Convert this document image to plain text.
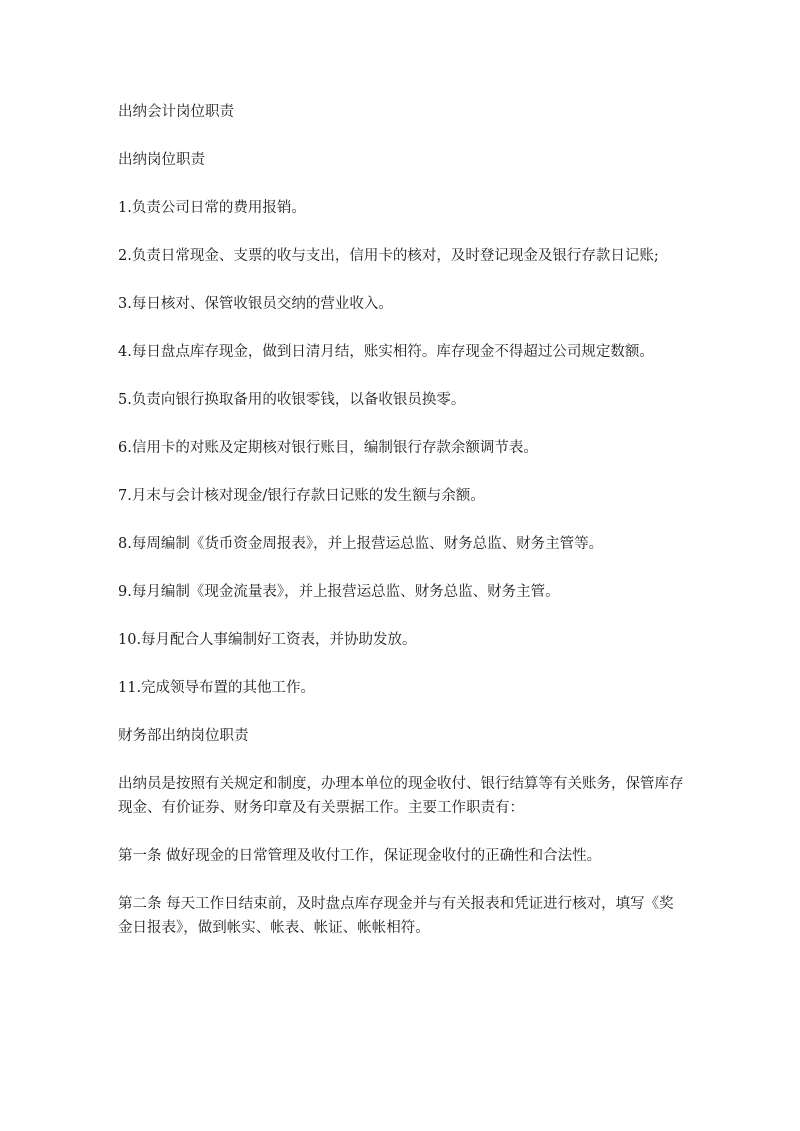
出纳会计岗位职责
出纳岗位职责
1.负责公司日常的费用报销。
2.负责日常现金、支票的收与支出，信用卡的核对，及时登记现金及银行存款日记账;
3.每日核对、保管收银员交纳的营业收入。
4.每日盘点库存现金，做到日清月结，账实相符。库存现金不得超过公司规定数额。
5.负责向银行换取备用的收银零钱，以备收银员换零。
6.信用卡的对账及定期核对银行账目，编制银行存款余额调节表。
7.月末与会计核对现金/银行存款日记账的发生额与余额。
8.每周编制《货币资金周报表》，并上报营运总监、财务总监、财务主管等。
9.每月编制《现金流量表》，并上报营运总监、财务总监、财务主管。
10.每月配合人事编制好工资表，并协助发放。
11.完成领导布置的其他工作。
财务部出纳岗位职责
出纳员是按照有关规定和制度，办理本单位的现金收付、银行结算等有关账务，保管库存现金、有价证券、财务印章及有关票据工作。主要工作职责有：
第一条 做好现金的日常管理及收付工作，保证现金收付的正确性和合法性。
第二条 每天工作日结束前，及时盘点库存现金并与有关报表和凭证进行核对，填写《奖金日报表》，做到帐实、帐表、帐证、帐帐相符。
